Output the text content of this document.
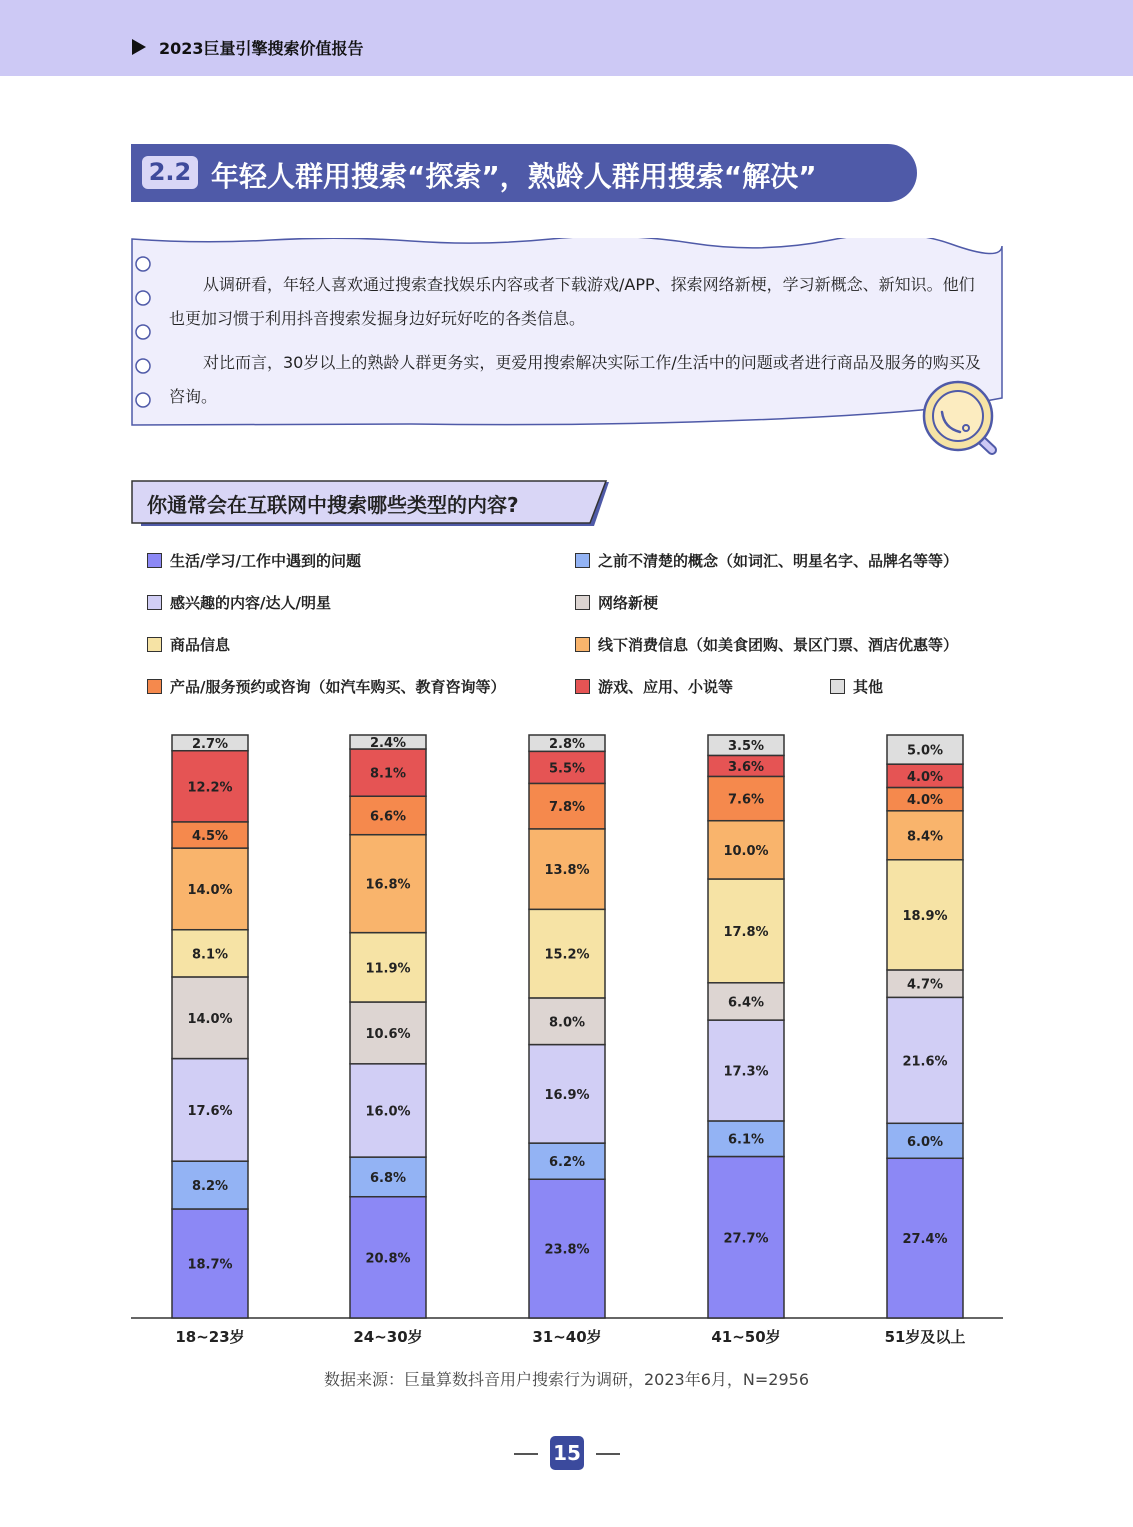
2023巨量引擎搜索价值报告
2.2 年轻人群用搜索“探索”，熟龄人群用搜索“解决”

从调研看，年轻人喜欢通过搜索查找娱乐内容或者下载游戏/APP、探索网络新梗，学习新概念、新知识。他们也更加习惯于利用抖音搜索发掘身边好玩好吃的各类信息。

对比而言，30岁以上的熟龄人群更务实，更爱用搜索解决实际工作/生活中的问题或者进行商品及服务的购买及咨询。

你通常会在互联网中搜索哪些类型的内容?
生活/学习/工作中遇到的问题	之前不清楚的概念（如词汇、明星名字、品牌名等等）
感兴趣的内容/达人/明星	网络新梗
商品信息	线下消费信息（如美食团购、景区门票、酒店优惠等）
产品/服务预约或咨询（如汽车购买、教育咨询等）	游戏、应用、小说等	其他
18.7%
8.2%
17.6%
14.0%
8.1%
14.0%
4.5%
12.2%
2.7%
18~23岁
20.8%
6.8%
16.0%
10.6%
11.9%
16.8%
6.6%
8.1%
2.4%
24~30岁
23.8%
6.2%
16.9%
8.0%
15.2%
13.8%
7.8%
5.5%
2.8%
31~40岁
27.7%
6.1%
17.3%
6.4%
17.8%
10.0%
7.6%
3.6%
3.5%
41~50岁
27.4%
6.0%
21.6%
4.7%
18.9%
8.4%
4.0%
4.0%
5.0%
51岁及以上
数据来源：巨量算数抖音用户搜索行为调研，2023年6月，N=2956
15
